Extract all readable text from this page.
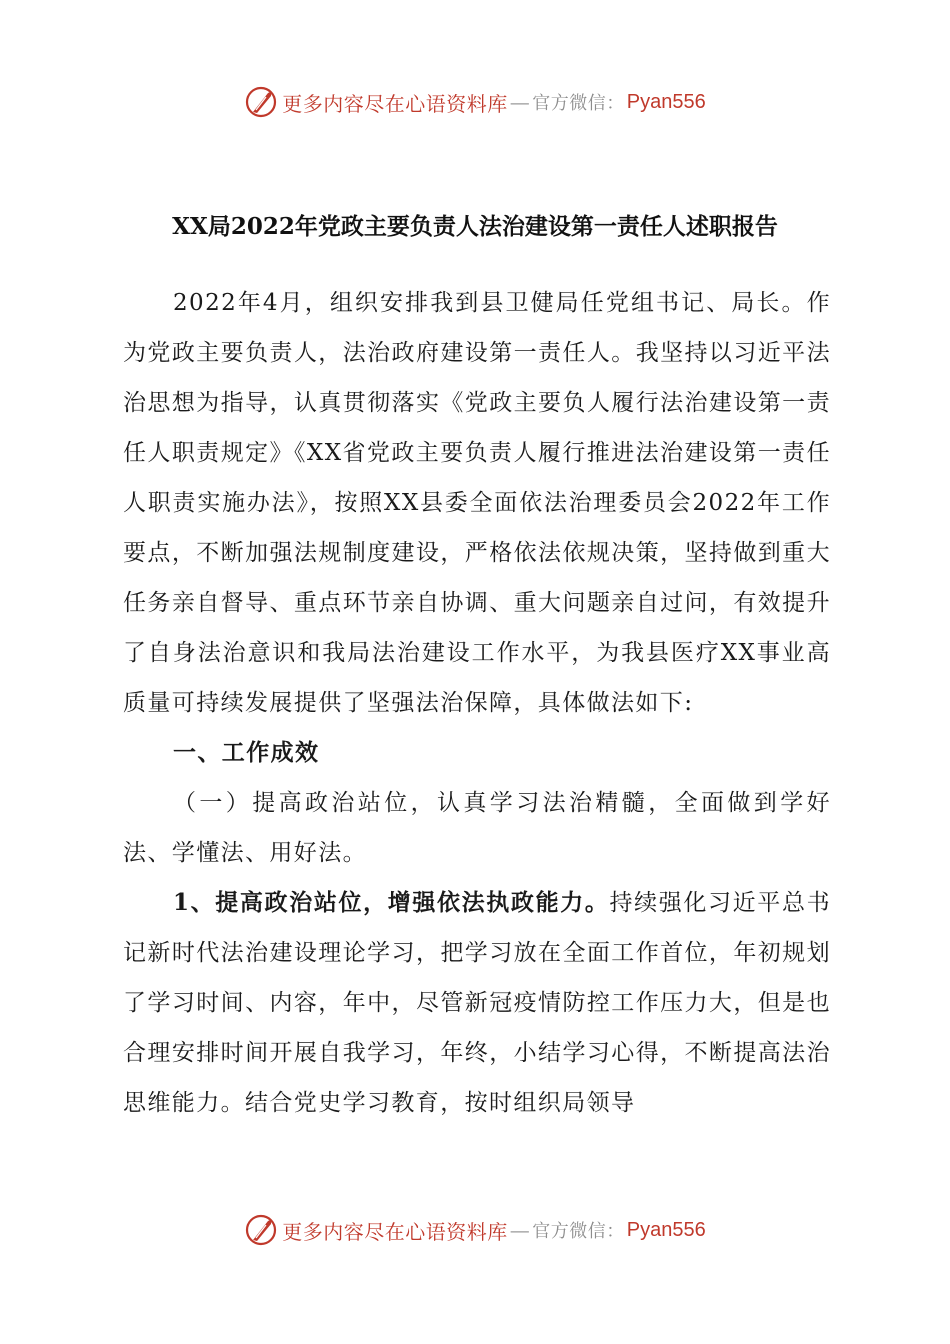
更多内容尽在心语资料库 — 官方微信： Pyan556
XX局2022年党政主要负责人法治建设第一责任人述职报告

2022年4月，组织安排我到县卫健局任党组书记、局长。作为党政主要负责人，法治政府建设第一责任人。我坚持以习近平法治思想为指导，认真贯彻落实《党政主要负人履行法治建设第一责任人职责规定》《XX省党政主要负责人履行推进法治建设第一责任人职责实施办法》，按照XX县委全面依法治理委员会2022年工作要点，不断加强法规制度建设，严格依法依规决策，坚持做到重大任务亲自督导、重点环节亲自协调、重大问题亲自过问，有效提升了自身法治意识和我局法治建设工作水平，为我县医疗XX事业高质量可持续发展提供了坚强法治保障，具体做法如下:

一、工作成效

（一）提高政治站位，认真学习法治精髓，全面做到学好法、学懂法、用好法。

1、提高政治站位，增强依法执政能力。持续强化习近平总书记新时代法治建设理论学习，把学习放在全面工作首位，年初规划了学习时间、内容，年中，尽管新冠疫情防控工作压力大，但是也合理安排时间开展自我学习，年终，小结学习心得，不断提高法治思维能力。结合党史学习教育，按时组织局领导

更多内容尽在心语资料库 — 官方微信： Pyan556
